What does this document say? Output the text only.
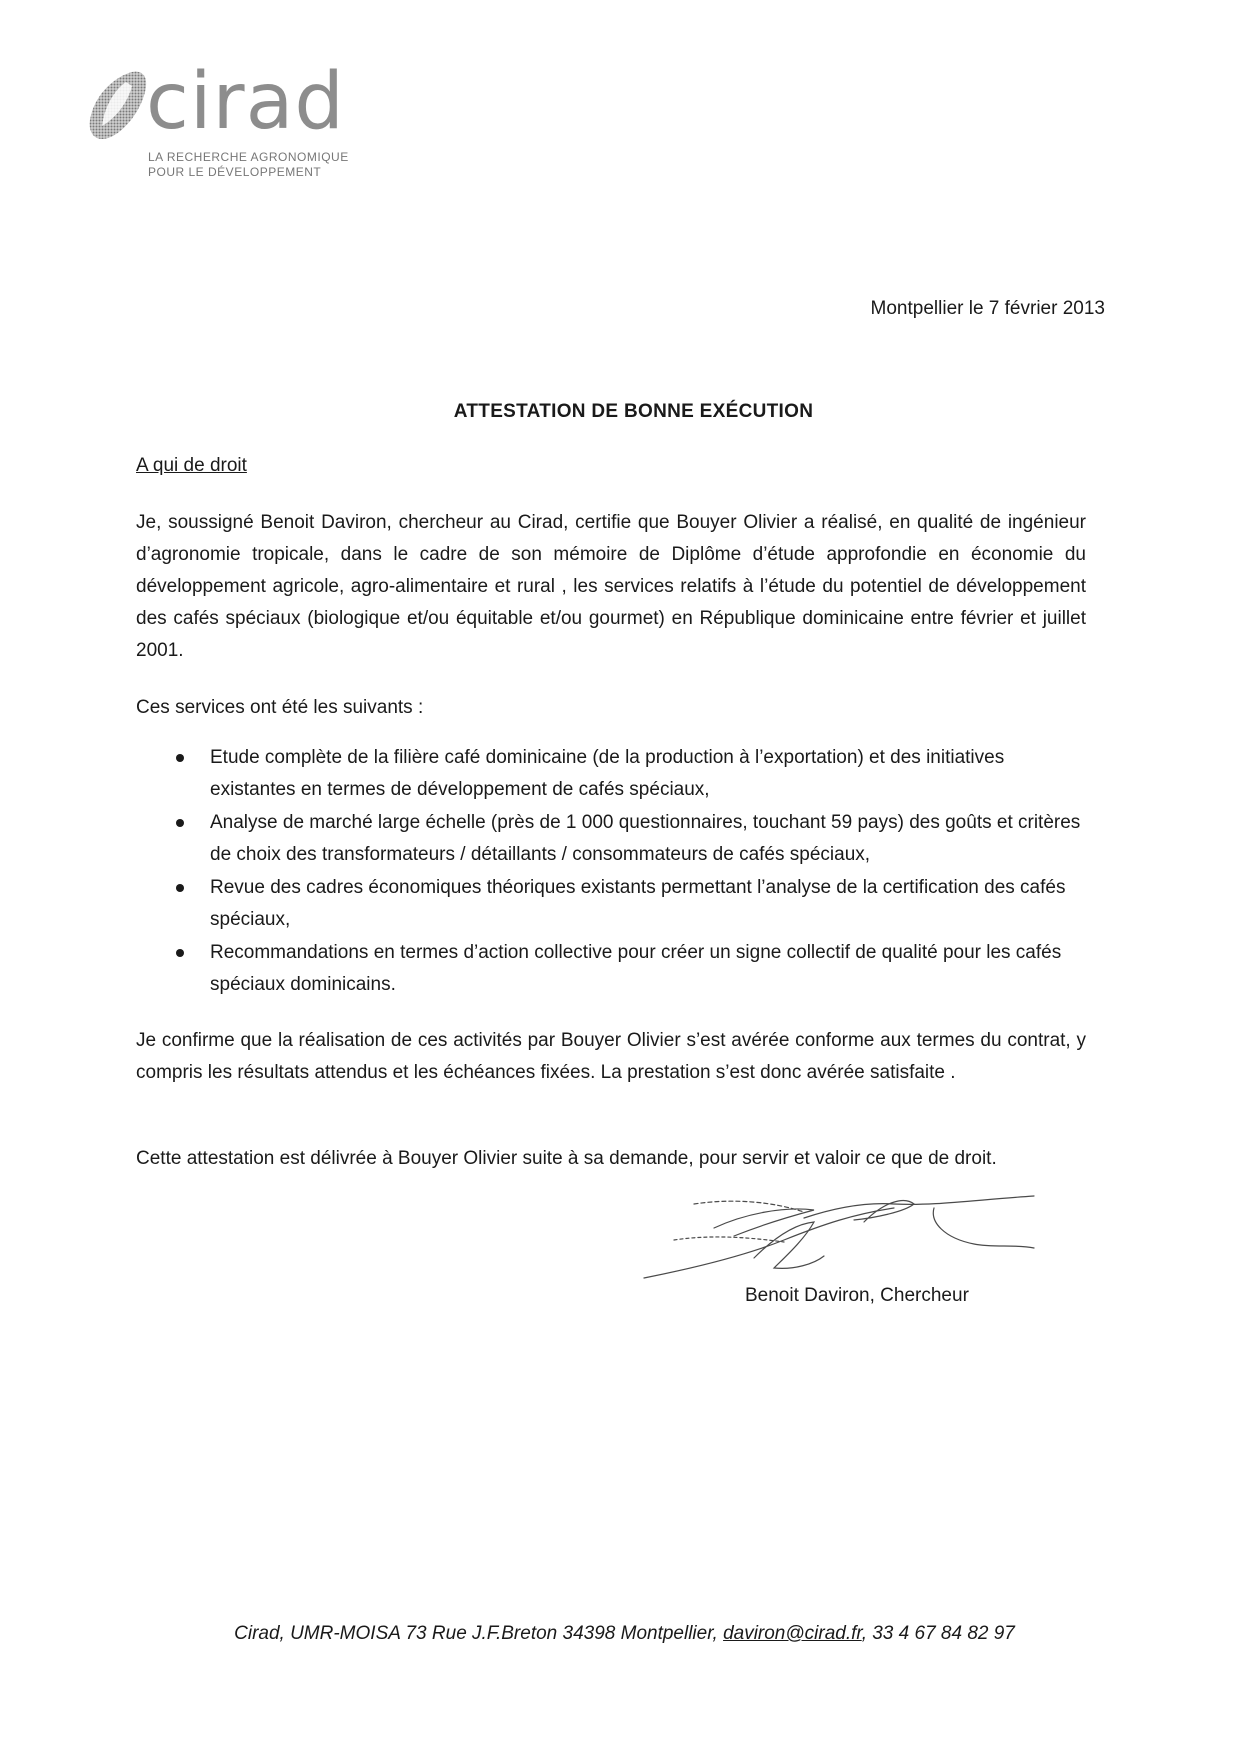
cirad
LA RECHERCHE AGRONOMIQUE
POUR LE DÉVELOPPEMENT
Montpellier le 7 février 2013
ATTESTATION DE BONNE EXÉCUTION
A qui de droit
Je, soussigné Benoit Daviron, chercheur au Cirad, certifie que Bouyer Olivier a réalisé, en qualité de ingénieur d’agronomie tropicale, dans le cadre de son mémoire de Diplôme d’étude approfondie en économie du développement agricole, agro-alimentaire et rural , les services relatifs à l’étude du potentiel de développement des cafés spéciaux (biologique et/ou équitable et/ou gourmet) en République dominicaine entre février et juillet 2001.
Ces services ont été les suivants :
Etude complète de la filière café dominicaine (de la production à l’exportation) et des initiatives existantes en termes de développement de cafés spéciaux,
Analyse de marché large échelle (près de 1 000 questionnaires, touchant 59 pays) des goûts et critères de choix des transformateurs / détaillants / consommateurs de cafés spéciaux,
Revue des cadres économiques théoriques existants permettant l’analyse de la certification des cafés spéciaux,
Recommandations en termes d’action collective pour créer un signe collectif de qualité pour les cafés spéciaux dominicains.
Je confirme que la réalisation de ces activités par Bouyer Olivier s’est avérée conforme aux termes du contrat, y compris les résultats attendus et les échéances fixées. La prestation s’est donc avérée satisfaite .
Cette attestation est délivrée à Bouyer Olivier suite à sa demande, pour servir et valoir ce que de droit.
Benoit Daviron, Chercheur
Cirad, UMR-MOISA 73 Rue J.F.Breton 34398 Montpellier, daviron@cirad.fr, 33 4 67 84 82 97
